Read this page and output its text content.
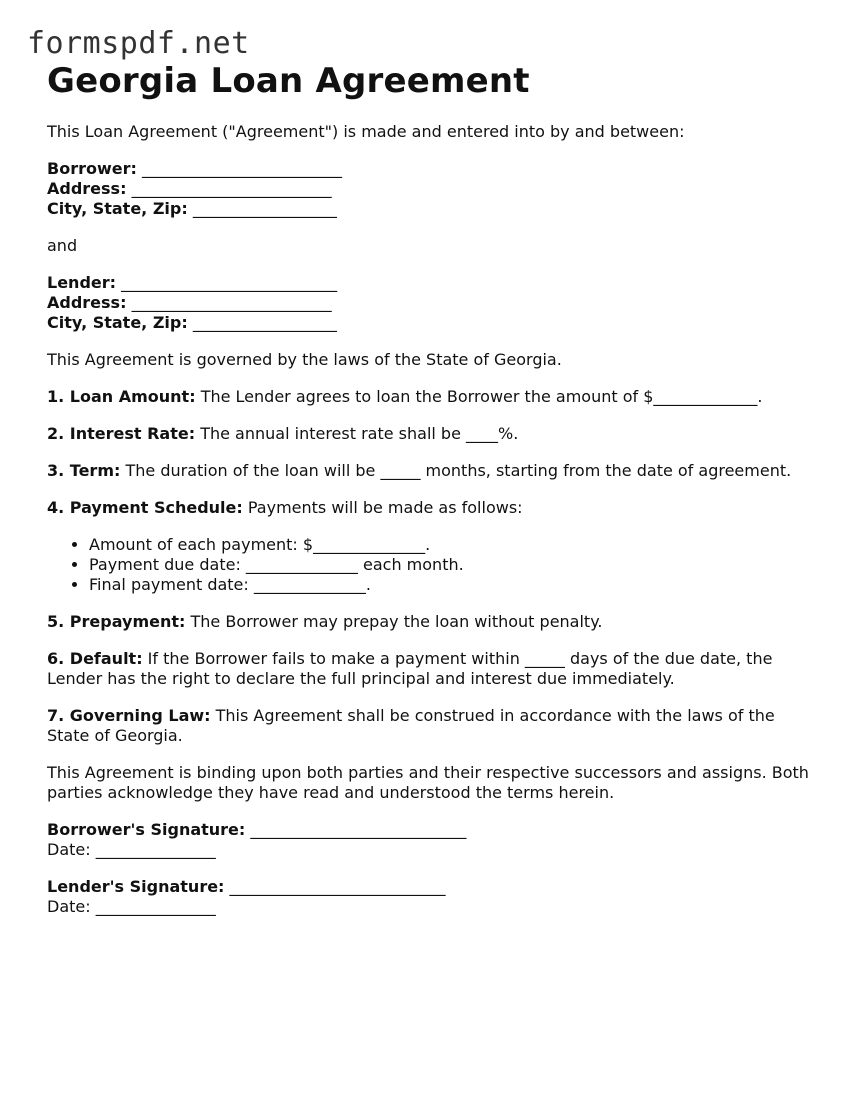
formspdf.net
Georgia Loan Agreement

This Loan Agreement ("Agreement") is made and entered into by and between:

Borrower: _________________________

Address: _________________________

City, State, Zip: __________________

and

Lender: ___________________________

Address: _________________________

City, State, Zip: __________________

This Agreement is governed by the laws of the State of Georgia.

1. Loan Amount: The Lender agrees to loan the Borrower the amount of $_____________.

2. Interest Rate: The annual interest rate shall be ____%.

3. Term: The duration of the loan will be _____ months, starting from the date of agreement.

4. Payment Schedule: Payments will be made as follows:

• Amount of each payment: $______________.
• Payment due date: ______________ each month.
• Final payment date: ______________.

5. Prepayment: The Borrower may prepay the loan without penalty.

6. Default: If the Borrower fails to make a payment within _____ days of the due date, the Lender has the right to declare the full principal and interest due immediately.

7. Governing Law: This Agreement shall be construed in accordance with the laws of the State of Georgia.

This Agreement is binding upon both parties and their respective successors and assigns. Both parties acknowledge they have read and understood the terms herein.

Borrower's Signature: ___________________________

Date: _______________

Lender's Signature: ___________________________

Date: _______________
